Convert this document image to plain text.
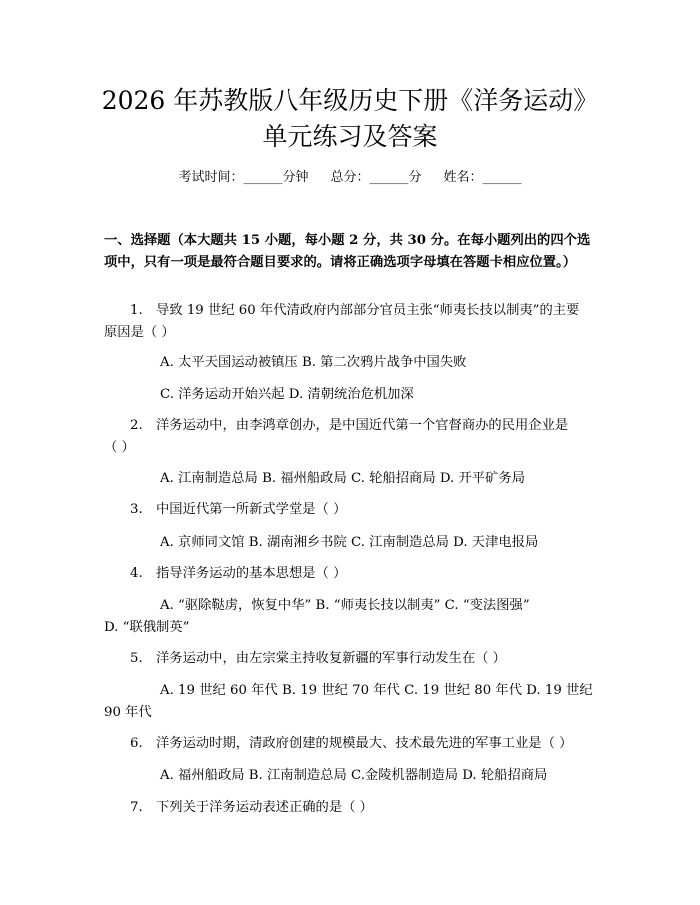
2026 年苏教版八年级历史下册《洋务运动》
单元练习及答案
考试时间：______分钟 总分：______分 姓名：______

一、选择题（本大题共 15 小题，每小题 2 分，共 30 分。在每小题列出的四个选项中，只有一项是最符合题目要求的。请将正确选项字母填在答题卡相应位置。）

1. 导致 19 世纪 60 年代清政府内部部分官员主张“师夷长技以制夷”的主要
原因是（ ）
A. 太平天国运动被镇压 B. 第二次鸦片战争中国失败
C. 洋务运动开始兴起 D. 清朝统治危机加深
2. 洋务运动中，由李鸿章创办，是中国近代第一个官督商办的民用企业是
（ ）
A. 江南制造总局 B. 福州船政局 C. 轮船招商局 D. 开平矿务局
3. 中国近代第一所新式学堂是（ ）
A. 京师同文馆 B. 湖南湘乡书院 C. 江南制造总局 D. 天津电报局
4. 指导洋务运动的基本思想是（ ）
A. “驱除鞑虏，恢复中华” B. “师夷长技以制夷” C. “变法图强”
D. “联俄制英”
5. 洋务运动中，由左宗棠主持收复新疆的军事行动发生在（ ）
A. 19 世纪 60 年代 B. 19 世纪 70 年代 C. 19 世纪 80 年代 D. 19 世纪
90 年代
6. 洋务运动时期，清政府创建的规模最大、技术最先进的军事工业是（ ）
A. 福州船政局 B. 江南制造总局 C.金陵机器制造局 D. 轮船招商局
7. 下列关于洋务运动表述正确的是（ ）
